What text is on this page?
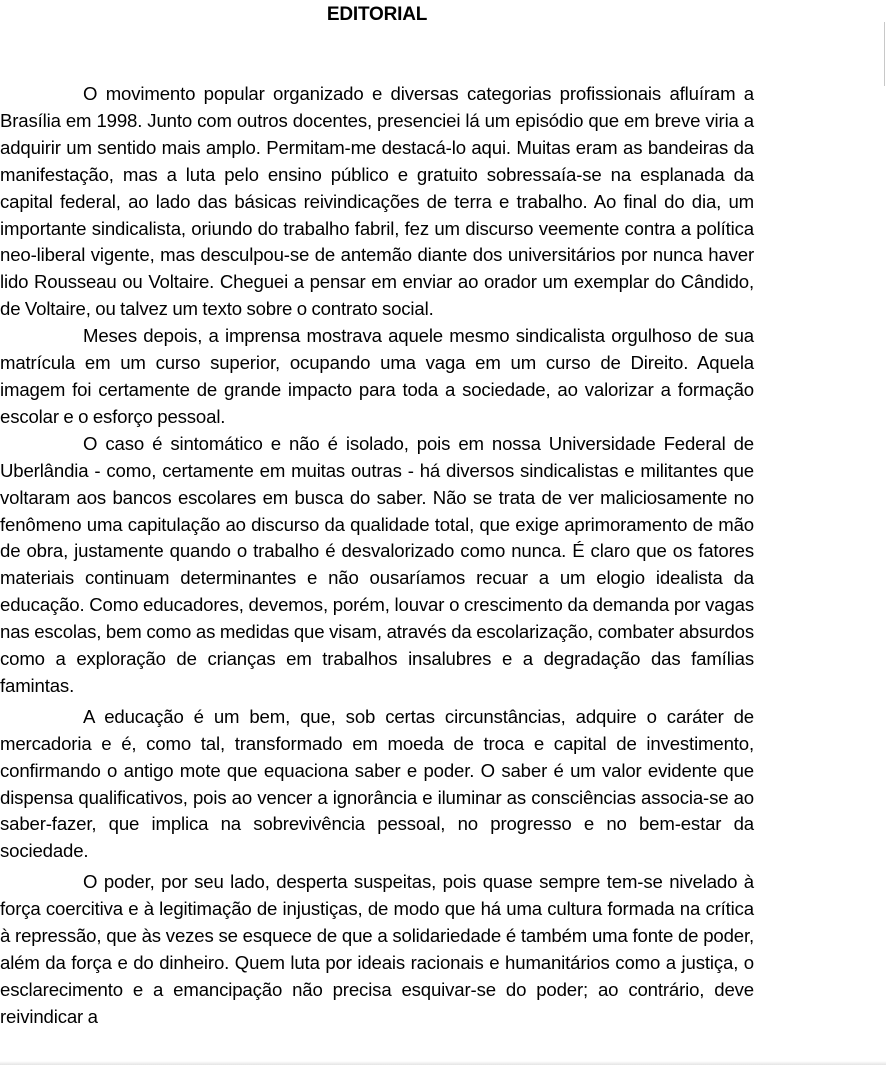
EDITORIAL

O movimento popular organizado e diversas categorias profissionais afluíram a Brasília em 1998. Junto com outros docentes, presenciei lá um episódio que em breve viria a adquirir um sentido mais amplo. Permitam-me destacá-lo aqui. Muitas eram as bandeiras da manifestação, mas a luta pelo ensino público e gratuito sobressaía-se na esplanada da capital federal, ao lado das básicas reivindicações de terra e trabalho. Ao final do dia, um importante sindicalista, oriundo do trabalho fabril, fez um discurso veemente contra a política neo-liberal vigente, mas desculpou-se de antemão diante dos universitários por nunca haver lido Rousseau ou Voltaire. Cheguei a pensar em enviar ao orador um exemplar do Cândido, de Voltaire, ou talvez um texto sobre o contrato social.

Meses depois, a imprensa mostrava aquele mesmo sindicalista orgulhoso de sua matrícula em um curso superior, ocupando uma vaga em um curso de Direito. Aquela imagem foi certamente de grande impacto para toda a sociedade, ao valorizar a formação escolar e o esforço pessoal.

O caso é sintomático e não é isolado, pois em nossa Universidade Federal de Uberlândia - como, certamente em muitas outras - há diversos sindicalistas e militantes que voltaram aos bancos escolares em busca do saber. Não se trata de ver maliciosamente no fenômeno uma capitulação ao discurso da qualidade total, que exige aprimoramento de mão de obra, justamente quando o trabalho é desvalorizado como nunca. É claro que os fatores materiais continuam determinantes e não ousaríamos recuar a um elogio idealista da educação. Como educadores, devemos, porém, louvar o crescimento da demanda por vagas nas escolas, bem como as medidas que visam, através da escolarização, combater absurdos como a exploração de crianças em trabalhos insalubres e a degradação das famílias famintas.

A educação é um bem, que, sob certas circunstâncias, adquire o caráter de mercadoria e é, como tal, transformado em moeda de troca e capital de investimento, confirmando o antigo mote que equaciona saber e poder. O saber é um valor evidente que dispensa qualificativos, pois ao vencer a ignorância e iluminar as consciências associa-se ao saber-fazer, que implica na sobrevivência pessoal, no progresso e no bem-estar da sociedade.

O poder, por seu lado, desperta suspeitas, pois quase sempre tem-se nivelado à força coercitiva e à legitimação de injustiças, de modo que há uma cultura formada na crítica à repressão, que às vezes se esquece de que a solidariedade é também uma fonte de poder, além da força e do dinheiro. Quem luta por ideais racionais e humanitários como a justiça, o esclarecimento e a emancipação não precisa esquivar-se do poder; ao contrário, deve reivindicar a
